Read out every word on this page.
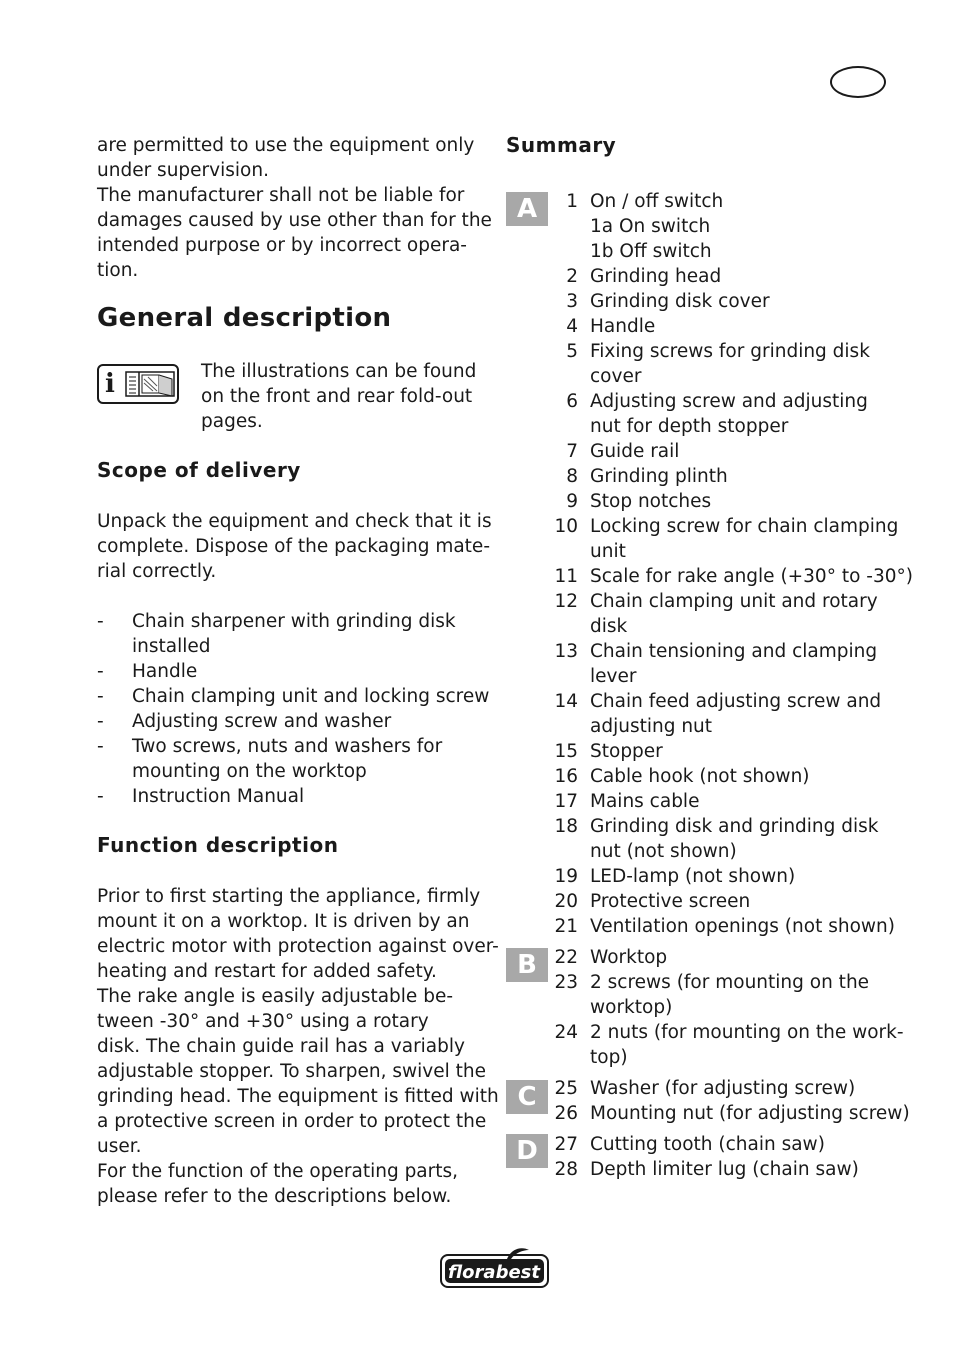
are permitted to use the equipment only
under supervision.
The manufacturer shall not be liable for
damages caused by use other than for the
intended purpose or by incorrect opera-
tion.

General description
i	The illustrations can be found
on the front and rear fold-out
pages.

Scope of delivery

Unpack the equipment and check that it is
complete. Dispose of the packaging mate-
rial correctly.

- Chain sharpener with grinding disk
installed
- Handle
- Chain clamping unit and locking screw
- Adjusting screw and washer
- Two screws, nuts and washers for
mounting on the worktop
- Instruction Manual
Function description

Prior to first starting the appliance, firmly
mount it on a worktop. It is driven by an
electric motor with protection against over-
heating and restart for added safety.
The rake angle is easily adjustable be-
tween -30° and +30° using a rotary
disk. The chain guide rail has a variably
adjustable stopper. To sharpen, swivel the
grinding head. The equipment is fitted with
a protective screen in order to protect the
user.
For the function of the operating parts,
please refer to the descriptions below.

Summary
A
B
C
D
1 On / off switch
1a On switch
1b Off switch
2 Grinding head
3 Grinding disk cover
4 Handle
5 Fixing screws for grinding disk
cover
6 Adjusting screw and adjusting
nut for depth stopper
7 Guide rail
8 Grinding plinth
9 Stop notches
10 Locking screw for chain clamping
unit
11 Scale for rake angle (+30° to -30°)
12 Chain clamping unit and rotary
disk
13 Chain tensioning and clamping
lever
14 Chain feed adjusting screw and
adjusting nut
15 Stopper
16 Cable hook (not shown)
17 Mains cable
18 Grinding disk and grinding disk
nut (not shown)
19 LED-lamp (not shown)
20 Protective screen
21 Ventilation openings (not shown)
22 Worktop
23 2 screws (for mounting on the
worktop)
24 2 nuts (for mounting on the work-
top)
25 Washer (for adjusting screw)
26 Mounting nut (for adjusting screw)
27 Cutting tooth (chain saw)
28 Depth limiter lug (chain saw)
florabest
